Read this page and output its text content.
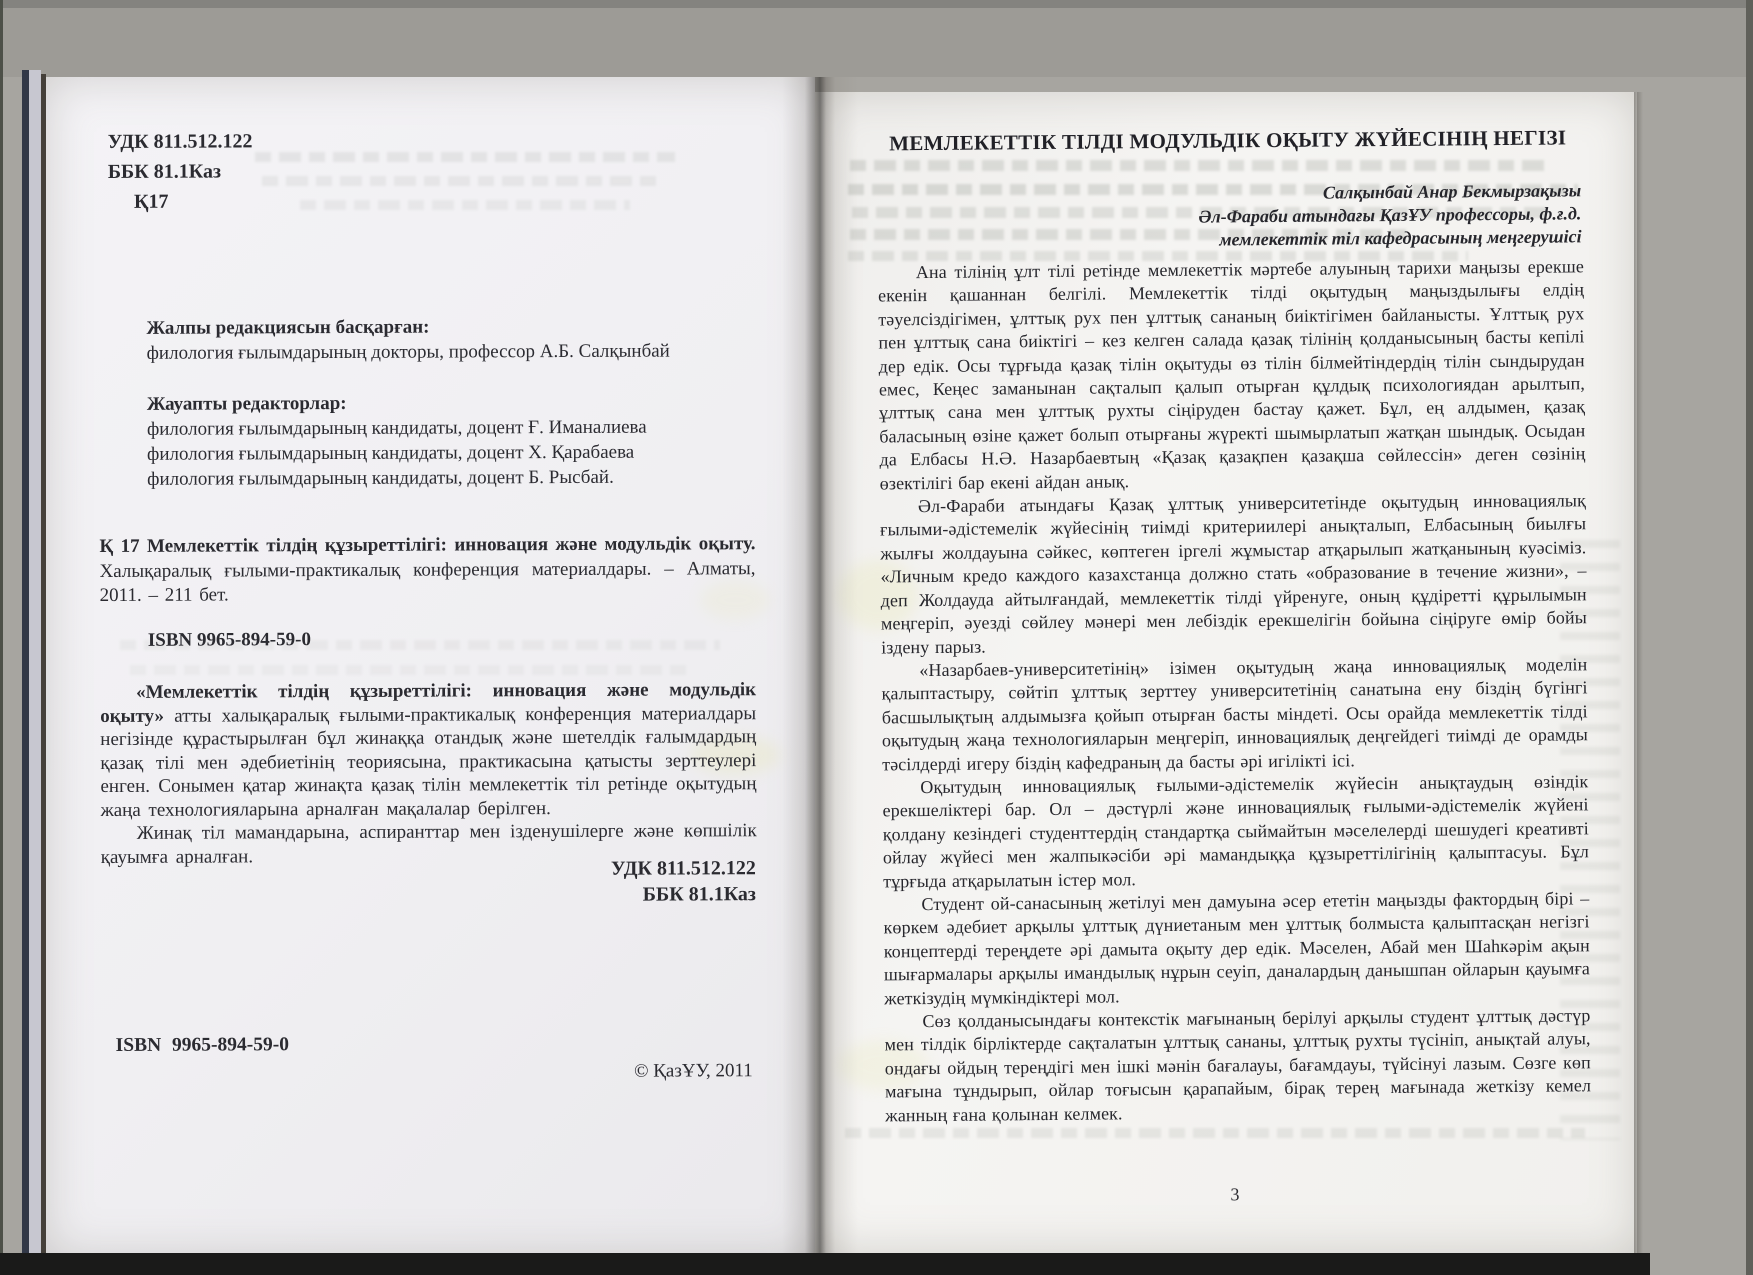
УДК 811.512.122
ББК 81.1Каз
Қ17
Жалпы редакциясын басқарған:
филология ғылымдарының докторы, профессор А.Б. Салқынбай
Жауапты редакторлар:
филология ғылымдарының кандидаты, доцент Ғ. Иманалиева
филология ғылымдарының кандидаты, доцент Х. Қарабаева
филология ғылымдарының кандидаты, доцент Б. Рысбай.

Қ 17 Мемлекеттік тілдің құзыреттілігі: инновация және модульдік оқыту. Халықаралық ғылыми-практикалық конференция материалдары. – Алматы, 2011. – 211 бет.

ISBN 9965-894-59-0

«Мемлекеттік тілдің құзыреттілігі: инновация және модульдік оқыту» атты халықаралық ғылыми-практикалық конференция материалдары негізінде құрастырылған бұл жинаққа отандық және шетелдік ғалымдардың қазақ тілі мен әдебиетінің теориясына, практикасына қатысты зерттеулері енген. Сонымен қатар жинақта қазақ тілін мемлекеттік тіл ретінде оқытудың жаңа технологияларына арналған мақалалар берілген.

Жинақ тіл мамандарына, аспиранттар мен ізденушілерге және көпшілік қауымға арналған.

УДК 811.512.122
ББК 81.1Каз
ISBN 9965-894-59-0
© ҚазҰУ, 2011
МЕМЛЕКЕТТІК ТІЛДІ МОДУЛЬДІК ОҚЫТУ ЖҮЙЕСІНІҢ НЕГІЗІ
Салқынбай Анар Бекмырзақызы
Әл-Фараби атындағы ҚазҰУ профессоры, ф.ғ.д.
мемлекеттік тіл кафедрасының меңгерушісі

Ана тілінің ұлт тілі ретінде мемлекеттік мәртебе алуының тарихи маңызы ерекше екенін қашаннан белгілі. Мемлекеттік тілді оқытудың маңыздылығы елдің тәуелсіздігімен, ұлттық рух пен ұлттық сананың биіктігімен байланысты. Ұлттық рух пен ұлттық сана биіктігі – кез келген салада қазақ тілінің қолданысының басты кепілі дер едік. Осы тұрғыда қазақ тілін оқытуды өз тілін білмейтіндердің тілін сындырудан емес, Кеңес заманынан сақталып қалып отырған құлдық психологиядан арылтып, ұлттық сана мен ұлттық рухты сіңіруден бастау қажет. Бұл, ең алдымен, қазақ баласының өзіне қажет болып отырғаны жүректі шымырлатып жатқан шындық. Осыдан да Елбасы Н.Ә. Назарбаевтың «Қазақ қазақпен қазақша сөйлессін» деген сөзінің өзектілігі бар екені айдан анық.

Әл-Фараби атындағы Қазақ ұлттық университетінде оқытудың инновациялық ғылыми-әдістемелік жүйесінің тиімді критериилері анықталып, Елбасының биылғы жылғы жолдауына сәйкес, көптеген іргелі жұмыстар атқарылып жатқанының куәсіміз. «Личным кредо каждого казахстанца должно стать «образование в течение жизни», – деп Жолдауда айтылғандай, мемлекеттік тілді үйренуге, оның құдіретті құрылымын меңгеріп, әуезді сөйлеу мәнері мен лебіздік ерекшелігін бойына сіңіруге өмір бойы іздену парыз.

«Назарбаев-университетінің» ізімен оқытудың жаңа инновациялық моделін қалыптастыру, сөйтіп ұлттық зерттеу университетінің санатына ену біздің бүгінгі басшылықтың алдымызға қойып отырған басты міндеті. Осы орайда мемлекеттік тілді оқытудың жаңа технологияларын меңгеріп, инновациялық деңгейдегі тиімді де орамды тәсілдерді игеру біздің кафедраның да басты әрі игілікті ісі.

Оқытудың инновациялық ғылыми-әдістемелік жүйесін анықтаудың өзіндік ерекшеліктері бар. Ол – дәстүрлі және инновациялық ғылыми-әдістемелік жүйені қолдану кезіндегі студенттердің стандартқа сыймайтын мәселелерді шешудегі креативті ойлау жүйесі мен жалпыкәсіби әрі мамандыққа құзыреттілігінің қалыптасуы. Бұл тұрғыда атқарылатын істер мол.

Студент ой-санасының жетілуі мен дамуына әсер ететін маңызды фактордың бірі – көркем әдебиет арқылы ұлттық дүниетаным мен ұлттық болмыста қалыптасқан негізгі концептерді тереңдете әрі дамыта оқыту дер едік. Мәселен, Абай мен Шаһкәрім ақын шығармалары арқылы имандылық нұрын сеуіп, даналардың данышпан ойларын қауымға жеткізудің мүмкіндіктері мол.

Сөз қолданысындағы контекстік мағынаның берілуі арқылы студент ұлттық дәстүр мен тілдік бірліктерде сақталатын ұлттық сананы, ұлттық рухты түсініп, анықтай алуы, ондағы ойдың тереңдігі мен ішкі мәнін бағалауы, бағамдауы, түйсінуі лазым. Сөзге көп мағына тұндырып, ойлар тоғысын қарапайым, бірақ терең мағынада жеткізу кемел жанның ғана қолынан келмек.

3
